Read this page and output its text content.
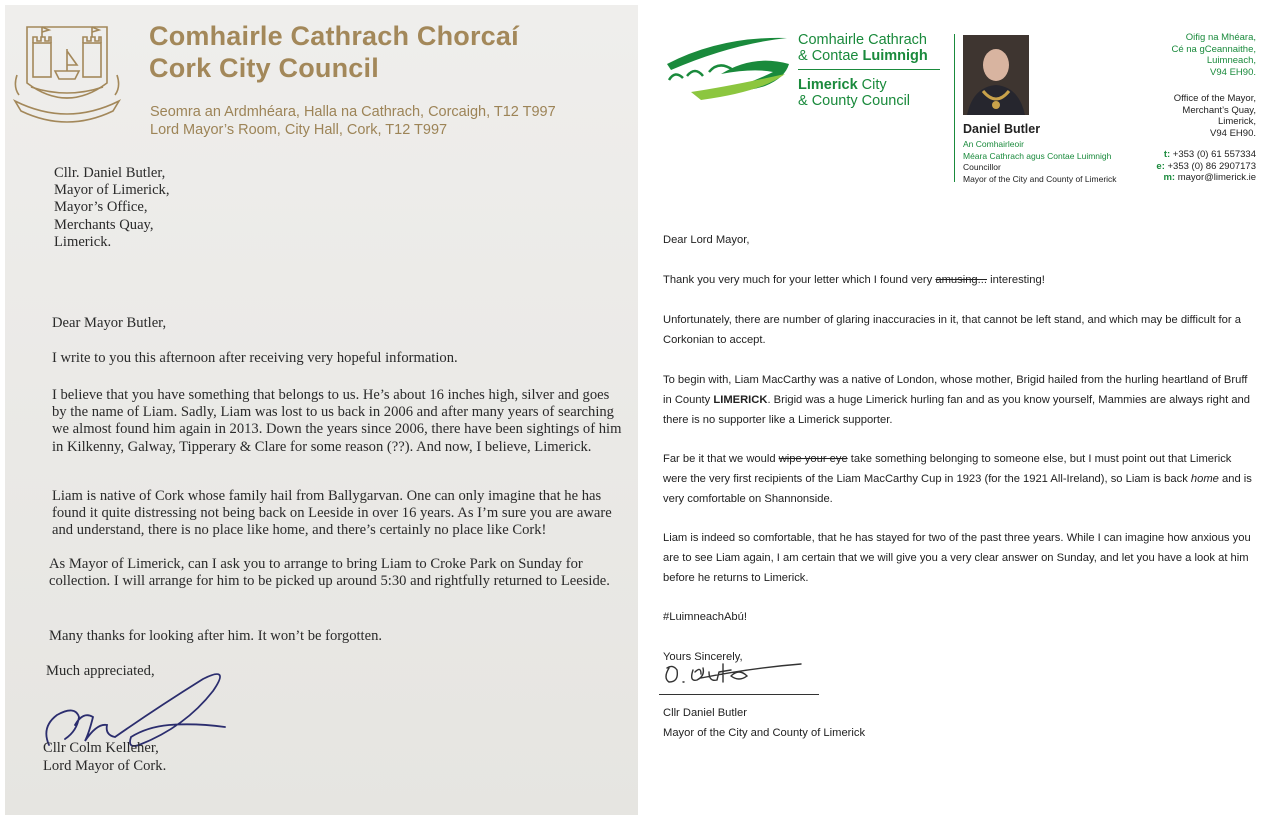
Comhairle Cathrach Chorcaí
Cork City Council
Seomra an Ardmhéara, Halla na Cathrach, Corcaigh, T12 T997
Lord Mayor’s Room, City Hall, Cork, T12 T997
Cllr. Daniel Butler,
Mayor of Limerick,
Mayor’s Office,
Merchants Quay,
Limerick.

Dear Mayor Butler,

I write to you this afternoon after receiving very hopeful information.

I believe that you have something that belongs to us. He’s about 16 inches high, silver and goes by the name of Liam. Sadly, Liam was lost to us back in 2006 and after many years of searching we almost found him again in 2013. Down the years since 2006, there have been sightings of him in Kilkenny, Galway, Tipperary & Clare for some reason (??). And now, I believe, Limerick.

Liam is native of Cork whose family hail from Ballygarvan. One can only imagine that he has found it quite distressing not being back on Leeside in over 16 years. As I’m sure you are aware and understand, there is no place like home, and there’s certainly no place like Cork!

As Mayor of Limerick, can I ask you to arrange to bring Liam to Croke Park on Sunday for collection. I will arrange for him to be picked up around 5:30 and rightfully returned to Leeside.

Many thanks for looking after him. It won’t be forgotten.

Much appreciated,
Cllr Colm Kelleher,
Lord Mayor of Cork.
Comhairle Cathrach
& Contae Luimnigh
Limerick City
& County Council
Daniel Butler
An Comhairleoir
Méara Cathrach agus Contae Luimnigh
Councillor
Mayor of the City and County of Limerick
Oifig na Mhéara,
Cé na gCeannaithe,
Luimneach,
V94 EH90.
Office of the Mayor,
Merchant’s Quay,
Limerick,
V94 EH90.
t: +353 (0) 61 557334
e: +353 (0) 86 2907173
m: mayor@limerick.ie

Dear Lord Mayor,

Thank you very much for your letter which I found very amusing... interesting!

Unfortunately, there are number of glaring inaccuracies in it, that cannot be left stand, and which may be difficult for a Corkonian to accept.

To begin with, Liam MacCarthy was a native of London, whose mother, Brigid hailed from the hurling heartland of Bruff in County LIMERICK. Brigid was a huge Limerick hurling fan and as you know yourself, Mammies are always right and there is no supporter like a Limerick supporter.

Far be it that we would wipe your eye take something belonging to someone else, but I must point out that Limerick were the very first recipients of the Liam MacCarthy Cup in 1923 (for the 1921 All-Ireland), so Liam is back home and is very comfortable on Shannonside.

Liam is indeed so comfortable, that he has stayed for two of the past three years. While I can imagine how anxious you are to see Liam again, I am certain that we will give you a very clear answer on Sunday, and let you have a look at him before he returns to Limerick.

#LuimneachAbú!

Yours Sincerely,

Cllr Daniel Butler
Mayor of the City and County of Limerick
